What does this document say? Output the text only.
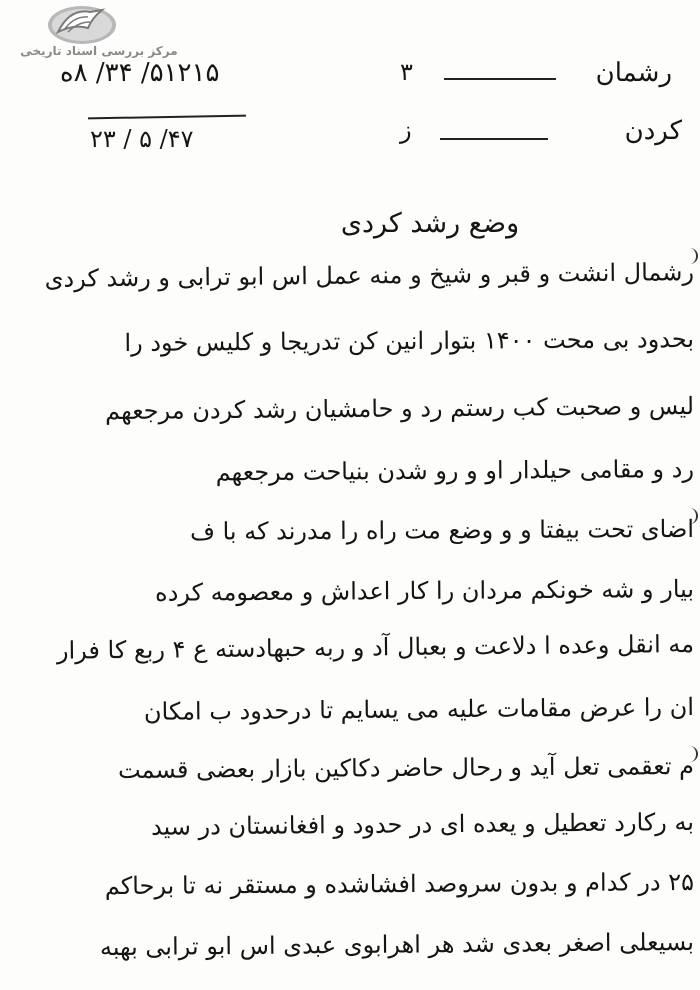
مرکز بررسی اسناد تاریخی
۵۱۲۱۵/ ۳۴/ ۸ه
۴۷/ ۵ / ۲۳
۳	رشمان
ز	کردن
وضع رشد کردی
رشمال انشت و قبر و شیخ و منه عمل اس ابو ترابی و رشد کردی
بحدود بی محت ۱۴۰۰ بتوار انین کن تدریجا و کلیس خود را
لیس و صحبت کب رستم رد و حامشیان رشد کردن مرجعهم
رد و مقامی حیلدار او و رو شدن بنیاحت مرجعهم
اضای تحت بیفتا و و وضع مت راه را مدرند که با ف
بیار و شه خونکم مردان را کار اعداش و معصومه کرده
مه انقل وعده ا دلاعت و بعبال آد و ربه حبهادسته ع ۴ ربع کا فرار
ان را عرض مقامات علیه می یسایم تا درحدود ب امکان
م تعقمی تعل آید و رحال حاضر دکاکین بازار بعضی قسمت
به رکارد تعطیل و یعده ای در حدود و افغانستان در سید
۲۵ در کدام و بدون سروصد افشاشده و مستقر نه تا برحاکم
بسیعلی اصغر بعدی شد هر اهرابوی عبدی اس ابو ترابی بهبه
